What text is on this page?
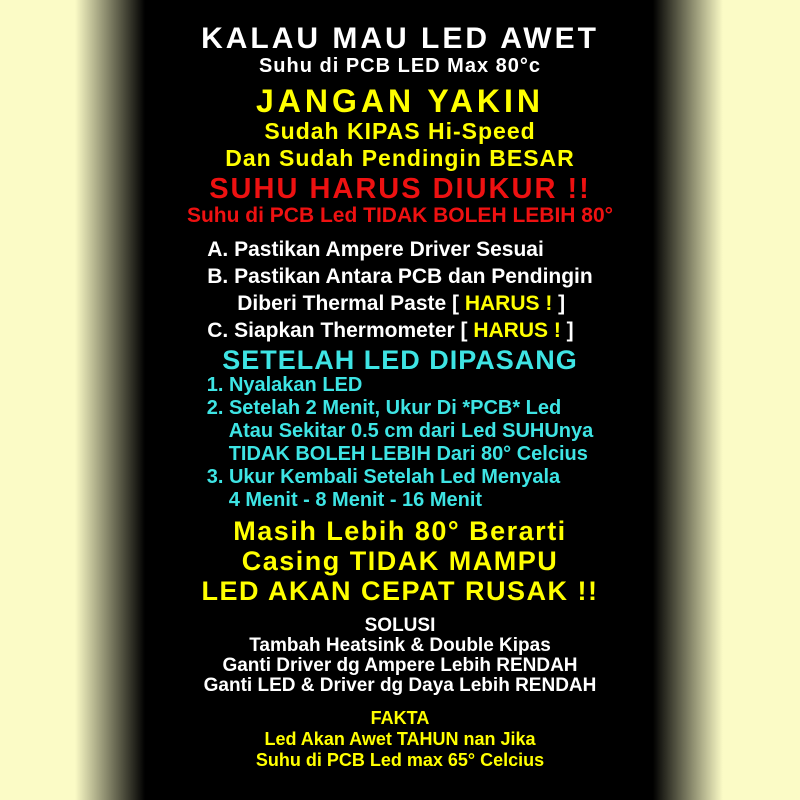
KALAU MAU LED AWET
Suhu di PCB LED Max 80°c
JANGAN YAKIN
Sudah KIPAS Hi-Speed
Dan Sudah Pendingin BESAR
SUHU HARUS DIUKUR !!
Suhu di PCB Led TIDAK BOLEH LEBIH 80°
A. Pastikan Ampere Driver Sesuai
B. Pastikan Antara PCB dan Pendingin
Diberi Thermal Paste [ HARUS ! ]
C. Siapkan Thermometer [ HARUS ! ]
SETELAH LED DIPASANG
1. Nyalakan LED
2. Setelah 2 Menit, Ukur Di *PCB* Led
Atau Sekitar 0.5 cm dari Led SUHUnya
TIDAK BOLEH LEBIH Dari 80° Celcius
3. Ukur Kembali Setelah Led Menyala
4 Menit - 8 Menit - 16 Menit
Masih Lebih 80° Berarti
Casing TIDAK MAMPU
LED AKAN CEPAT RUSAK !!
SOLUSI
Tambah Heatsink & Double Kipas
Ganti Driver dg Ampere Lebih RENDAH
Ganti LED & Driver dg Daya Lebih RENDAH
FAKTA
Led Akan Awet TAHUN nan Jika
Suhu di PCB Led max 65° Celcius
